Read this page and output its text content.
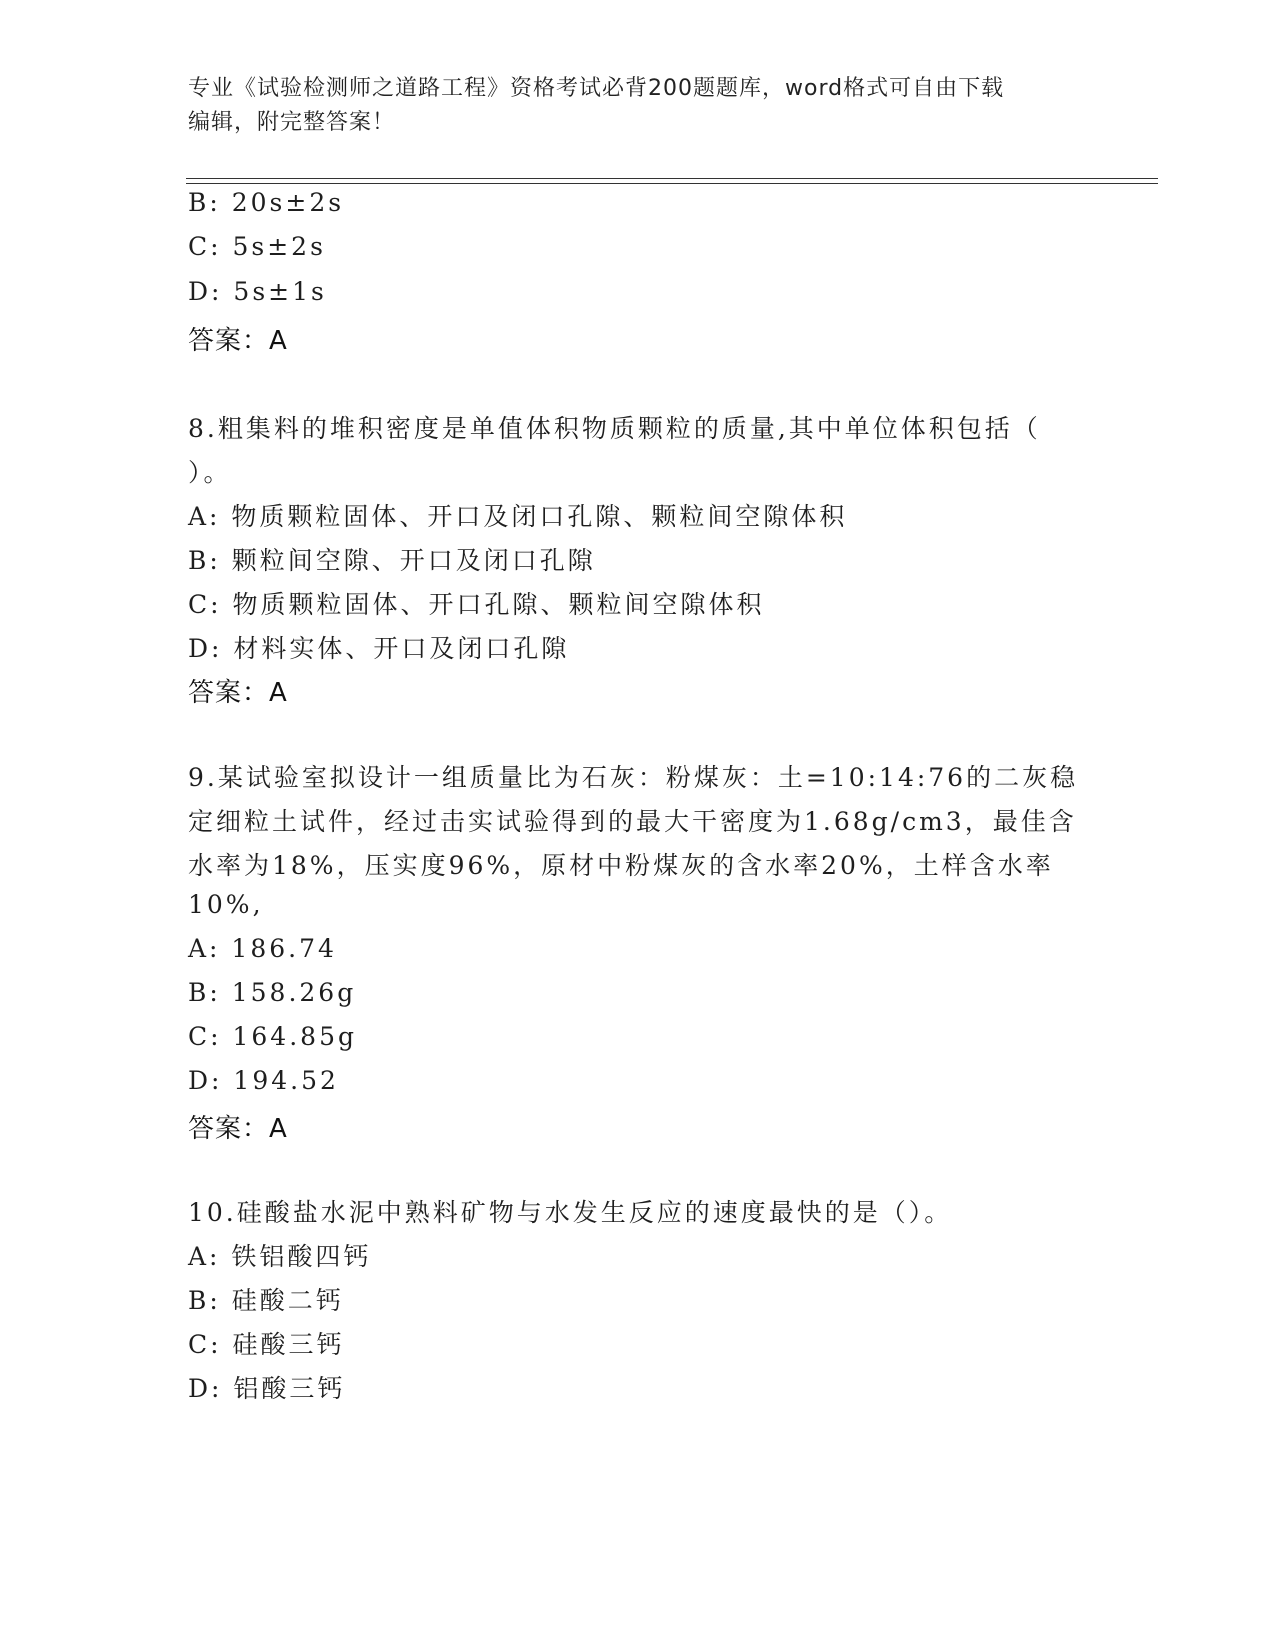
专业《试验检测师之道路工程》资格考试必背200题题库，word格式可自由下载
编辑，附完整答案！
B: 20s±2s
C: 5s±2s
D: 5s±1s
答案：A
8.粗集料的堆积密度是单值体积物质颗粒的质量,其中单位体积包括（
）。
A: 物质颗粒固体、开口及闭口孔隙、颗粒间空隙体积
B: 颗粒间空隙、开口及闭口孔隙
C: 物质颗粒固体、开口孔隙、颗粒间空隙体积
D: 材料实体、开口及闭口孔隙
答案：A
9.某试验室拟设计一组质量比为石灰：粉煤灰：土=10:14:76的二灰稳
定细粒土试件，经过击实试验得到的最大干密度为1.68g/cm3，最佳含
水率为18%，压实度96%，原材中粉煤灰的含水率20%，土样含水率
10%,
A: 186.74
B: 158.26g
C: 164.85g
D: 194.52
答案：A
10.硅酸盐水泥中熟料矿物与水发生反应的速度最快的是（）。
A: 铁铝酸四钙
B: 硅酸二钙
C: 硅酸三钙
D: 铝酸三钙
